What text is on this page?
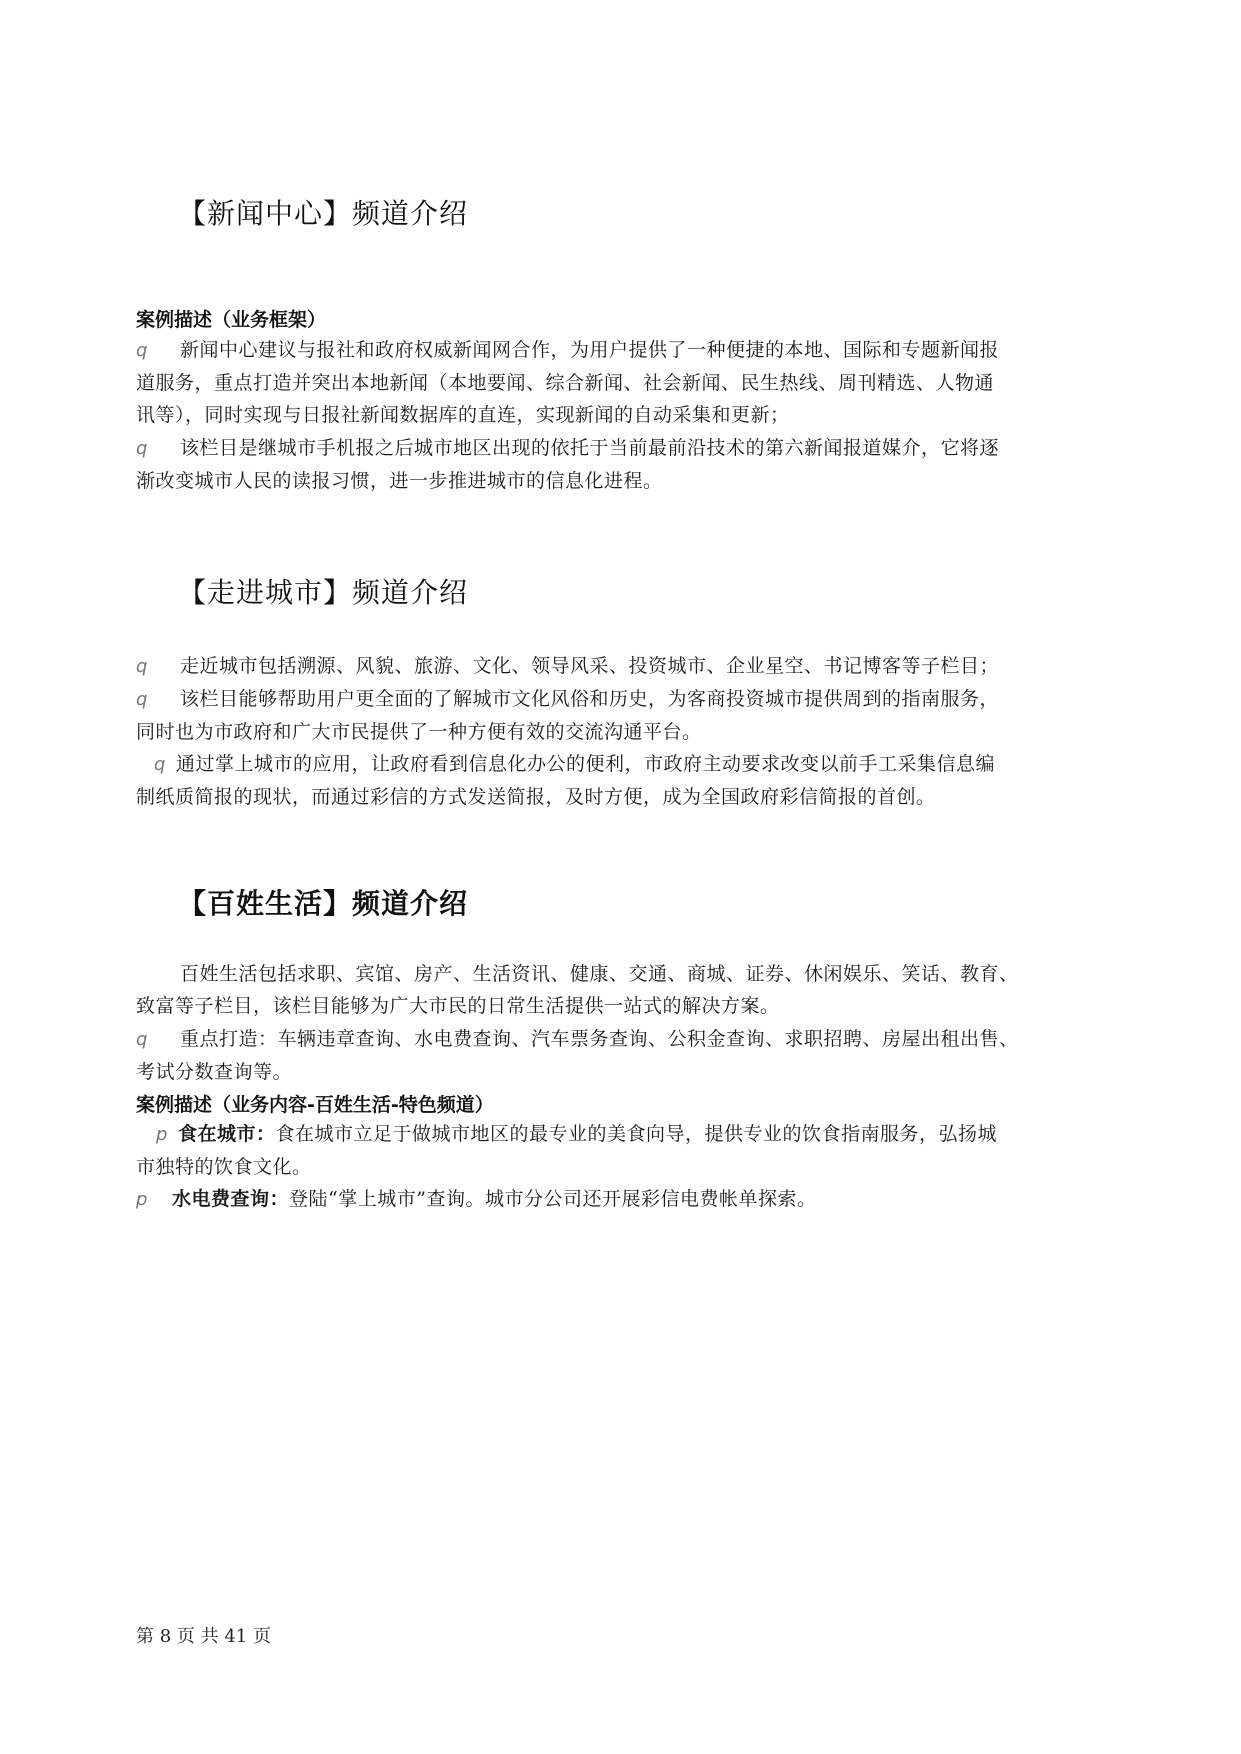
【新闻中心】频道介绍
案例描述（业务框架）
q 新闻中心建议与报社和政府权威新闻网合作，为用户提供了一种便捷的本地、国际和专题新闻报
道服务，重点打造并突出本地新闻（本地要闻、综合新闻、社会新闻、民生热线、周刊精选、人物通
讯等），同时实现与日报社新闻数据库的直连，实现新闻的自动采集和更新；
q 该栏目是继城市手机报之后城市地区出现的依托于当前最前沿技术的第六新闻报道媒介，它将逐
渐改变城市人民的读报习惯，进一步推进城市的信息化进程。
【走进城市】频道介绍
q 走近城市包括溯源、风貌、旅游、文化、领导风采、投资城市、企业星空、书记博客等子栏目；
q 该栏目能够帮助用户更全面的了解城市文化风俗和历史，为客商投资城市提供周到的指南服务，
同时也为市政府和广大市民提供了一种方便有效的交流沟通平台。
q 通过掌上城市的应用，让政府看到信息化办公的便利，市政府主动要求改变以前手工采集信息编
制纸质简报的现状，而通过彩信的方式发送简报，及时方便，成为全国政府彩信简报的首创。
【百姓生活】频道介绍
百姓生活包括求职、宾馆、房产、生活资讯、健康、交通、商城、证券、休闲娱乐、笑话、教育、
致富等子栏目，该栏目能够为广大市民的日常生活提供一站式的解决方案。
q 重点打造：车辆违章查询、水电费查询、汽车票务查询、公积金查询、求职招聘、房屋出租出售、
考试分数查询等。
案例描述（业务内容-百姓生活-特色频道）
p 食在城市：食在城市立足于做城市地区的最专业的美食向导，提供专业的饮食指南服务，弘扬城
市独特的饮食文化。
p 水电费查询：登陆“掌上城市”查询。城市分公司还开展彩信电费帐单探索。
第 8 页 共 41 页
